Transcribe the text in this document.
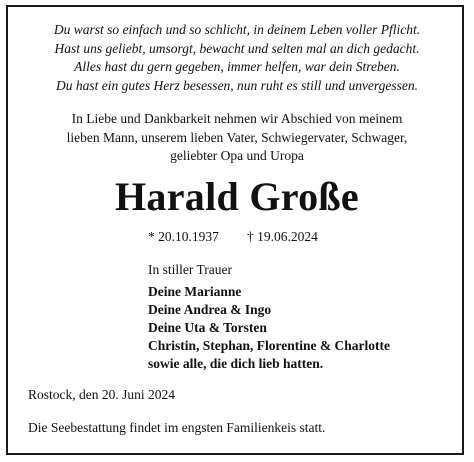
Du warst so einfach und so schlicht, in deinem Leben voller Pflicht.
Hast uns geliebt, umsorgt, bewacht und selten mal an dich gedacht.
Alles hast du gern gegeben, immer helfen, war dein Streben.
Du hast ein gutes Herz besessen, nun ruht es still und unvergessen.
In Liebe und Dankbarkeit nehmen wir Abschied von meinem
lieben Mann, unserem lieben Vater, Schwiegervater, Schwager,
geliebter Opa und Uropa
Harald Große
* 20.10.1937 † 19.06.2024
In stiller Trauer
Deine Marianne
Deine Andrea & Ingo
Deine Uta & Torsten
Christin, Stephan, Florentine & Charlotte
sowie alle, die dich lieb hatten.
Rostock, den 20. Juni 2024
Die Seebestattung findet im engsten Familienkeis statt.
